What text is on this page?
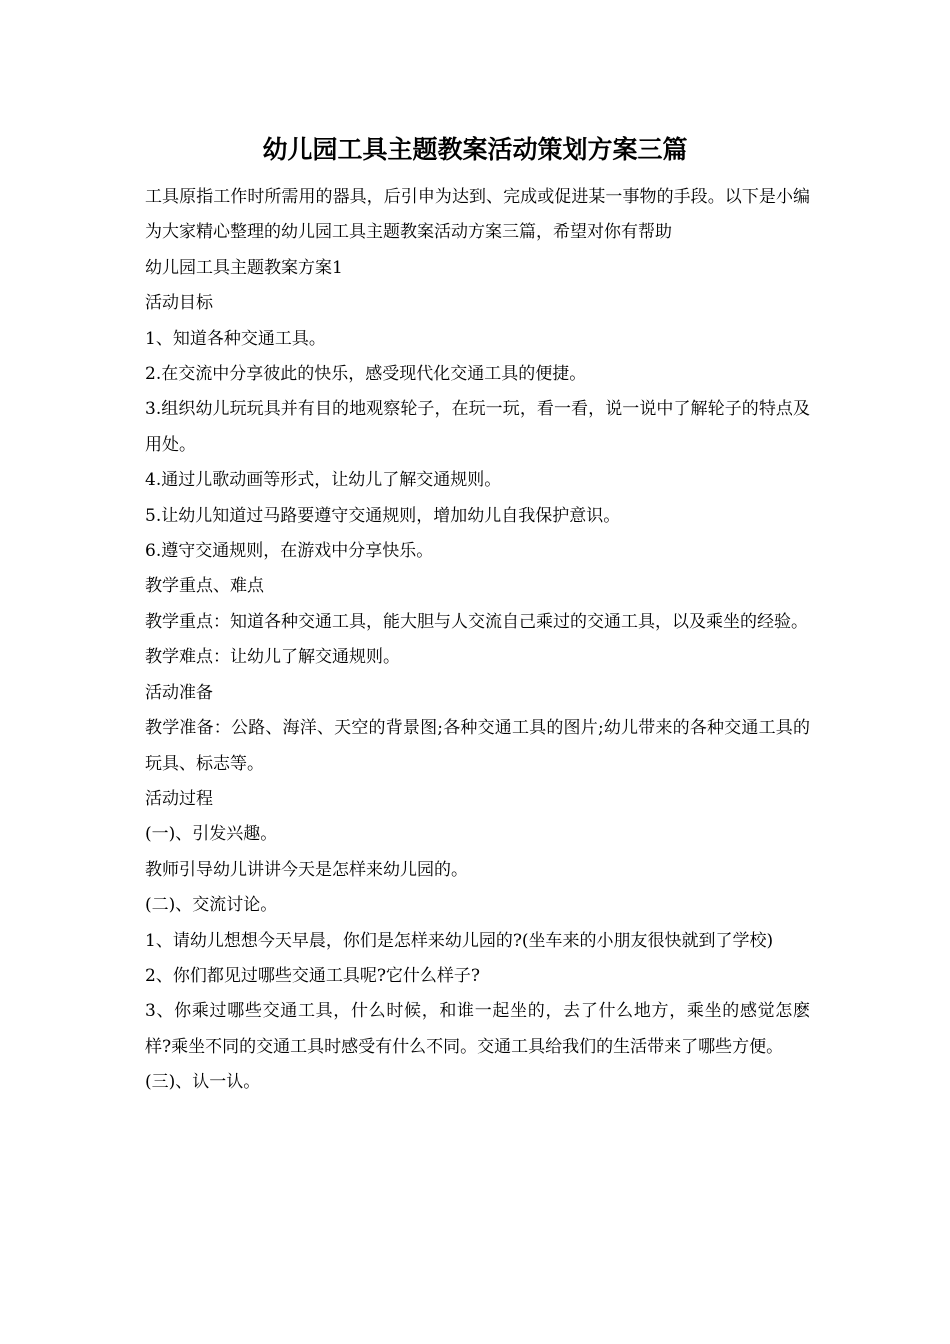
幼儿园工具主题教案活动策划方案三篇

工具原指工作时所需用的器具，后引申为达到、完成或促进某一事物的手段。以下是小编为大家精心整理的幼儿园工具主题教案活动方案三篇，希望对你有帮助

幼儿园工具主题教案方案1

活动目标

1、知道各种交通工具。

2.在交流中分享彼此的快乐，感受现代化交通工具的便捷。

3.组织幼儿玩玩具并有目的地观察轮子，在玩一玩，看一看，说一说中了解轮子的特点及用处。

4.通过儿歌动画等形式，让幼儿了解交通规则。

5.让幼儿知道过马路要遵守交通规则，增加幼儿自我保护意识。

6.遵守交通规则，在游戏中分享快乐。

教学重点、难点

教学重点：知道各种交通工具，能大胆与人交流自己乘过的交通工具，以及乘坐的经验。

教学难点：让幼儿了解交通规则。

活动准备

教学准备：公路、海洋、天空的背景图;各种交通工具的图片;幼儿带来的各种交通工具的玩具、标志等。

活动过程

(一)、引发兴趣。

教师引导幼儿讲讲今天是怎样来幼儿园的。

(二)、交流讨论。

1、请幼儿想想今天早晨，你们是怎样来幼儿园的?(坐车来的小朋友很快就到了学校)

2、你们都见过哪些交通工具呢?它什么样子?

3、你乘过哪些交通工具，什么时候，和谁一起坐的，去了什么地方，乘坐的感觉怎麽样?乘坐不同的交通工具时感受有什么不同。交通工具给我们的生活带来了哪些方便。

(三)、认一认。
